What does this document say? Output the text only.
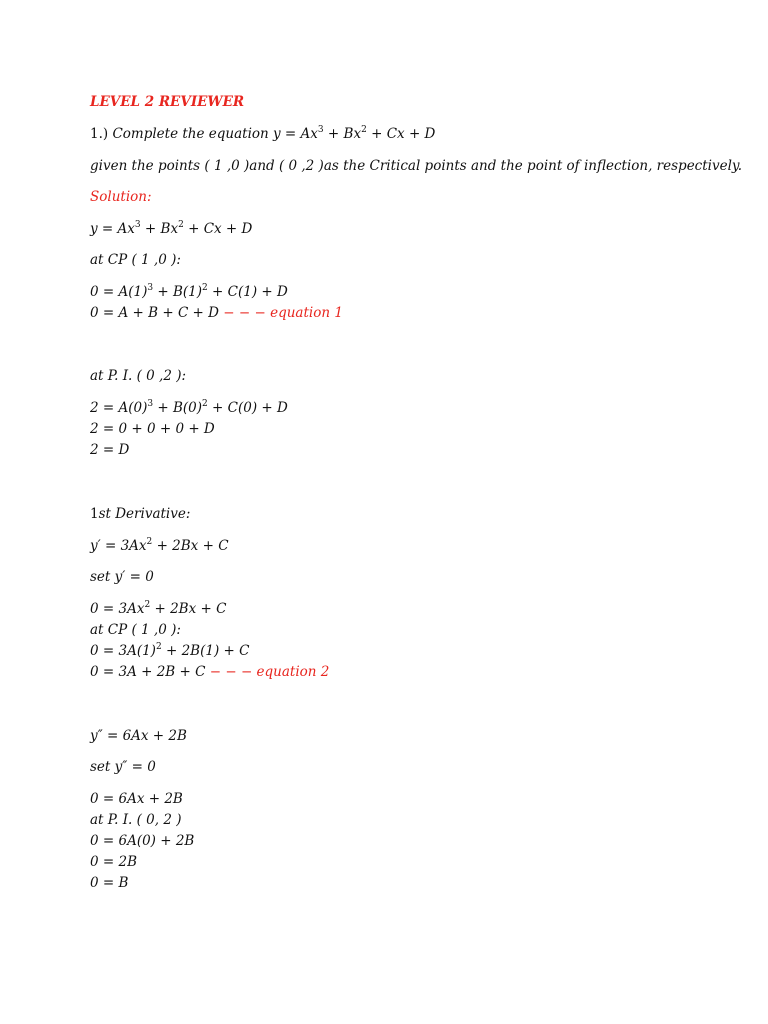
LEVEL 2 REVIEWER
1.) Complete the equation $y = Ax^3 + Bx^2 + Cx + D$
given the points ( 1 ,0 )and ( 0 ,2 )as the Critical points and the point of inflection, respectively.
Solution:
$y = Ax^3 + Bx^2 + Cx + D$
at CP ( 1 ,0 ):
$0 = A(1)^3 + B(1)^2 + C(1) + D$
0 = A + B + C + D − − − equation 1
at P. I. ( 0 ,2 ):
$2 = A(0)^3 + B(0)^2 + C(0) + D$
2 = 0 + 0 + 0 + D
2 = D
1st Derivative:
$y' = 3Ax^2 + 2Bx + C$
set y′ = 0
$0 = 3Ax^2 + 2Bx + C$
at CP ( 1 ,0 ):
$0 = 3A(1)^2 + 2B(1) + C$
0 = 3A + 2B + C − − − equation 2
y″ = 6Ax + 2B
set y″ = 0
0 = 6Ax + 2B
at P. I. ( 0, 2 )
0 = 6A(0) + 2B
0 = 2B
0 = B
